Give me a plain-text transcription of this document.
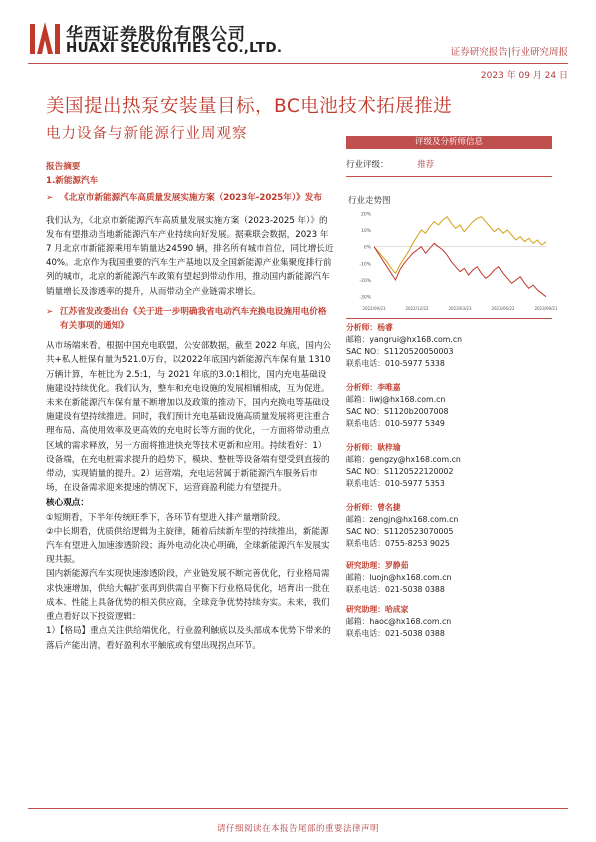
华西证券股份有限公司
HUAXI SECURITIES CO.,LTD.	证券研究报告|行业研究周报
2023 年 09 月 24 日
美国提出热泵安装量目标，BC电池技术拓展推进
电力设备与新能源行业周观察

报告摘要

1.新能源汽车

➢ 《北京市新能源汽车高质量发展实施方案（2023年-2025年）》发布

我们认为，《北京市新能源汽车高质量发展实施方案（2023-2025 年）》的发布有望推动当地新能源汽车产业持续向好发展。据乘联会数据，2023 年 7 月北京市新能源乘用车销量达24590 辆，排名所有城市首位，同比增长近 40%。北京作为我国重要的汽车生产基地以及全国新能源产业集聚度排行前列的城市，北京的新能源汽车政策有望起到带动作用，推动国内新能源汽车销量增长及渗透率的提升，从而带动全产业链需求增长。

➢ 江苏省发改委出台《关于进一步明确我省电动汽车充换电设施用电价格有关事项的通知》

从市场端来看，根据中国充电联盟，公安部数据，截至 2022 年底，国内公共+私人桩保有量为521.0万台，以2022年底国内新能源汽车保有量 1310 万辆计算，车桩比为 2.5:1，与 2021 年底的3.0:1相比，国内充电基础设施建设持续优化。我们认为，整车和充电设施的发展相辅相成，互为促进。未来在新能源汽车保有量不断增加以及政策的推动下，国内充换电等基础设施建设有望持续推进。同时，我们预计充电基础设施高质量发展将更注重合理布局、高使用效率及更高效的充电时长等方面的优化，一方面将带动重点区域的需求释放，另一方面将推进快充等技术更新和应用。持续看好：1）设备端，在充电桩需求提升的趋势下，模块、整桩等设备端有望受到直接的带动，实现销量的提升。2）运营端，充电运营属于新能源汽车服务后市场，在设备需求迎来提速的情况下，运营商盈利能力有望提升。

核心观点：

①短期看，下半年传统旺季下，各环节有望进入排产量增阶段。

②中长期看，优质供给逻辑为主旋律，随着后续新车型的持续推出，新能源汽车有望进入加速渗透阶段；海外电动化决心明确，全球新能源汽车发展实现共振。

国内新能源汽车实现快速渗透阶段，产业链发展不断完善优化，行业格局需求快速增加，供给大幅扩张再到供需自平衡下行业格局优化，培育出一批在成本、性能上具备优势的相关供应商，全球竞争优势持续夯实。未来，我们重点看好以下投资逻辑：

1）【格局】重点关注供给端优化，行业盈利触底以及头部成本优势下带来的落后产能出清，看好盈利水平触底或有望出现拐点环节。

评级及分析师信息
行业评级：	推荐
行业走势图
20%
10%
0%
-10%
-20%
-30%
2022/09/23	2022/12/22	2023/03/23	2023/06/22	2023/09/21
分析师：杨睿
邮箱：yangrui@hx168.com.cn
SAC NO：S1120520050003
联系电话：010-5977 5338
分析师：李唯嘉
邮箱：liwj@hx168.com.cn
SAC NO：S1120b2007008
联系电话：010-5977 5349
分析师：耿梓瑜
邮箱：gengzy@hx168.com.cn
SAC NO：S1120522120002
联系电话：010-5977 5353
分析师：曾名捷
邮箱：zengjn@hx168.com.cn
SAC NO：S1120523070005
联系电话：0755-8253 9025
研究助理：罗静茹
邮箱：luojn@hx168.com.cn
联系电话：021-5038 0388
研究助理：哈成家
邮箱：haoc@hx168.com.cn
联系电话：021-5038 0388
请仔细阅读在本报告尾部的重要法律声明
